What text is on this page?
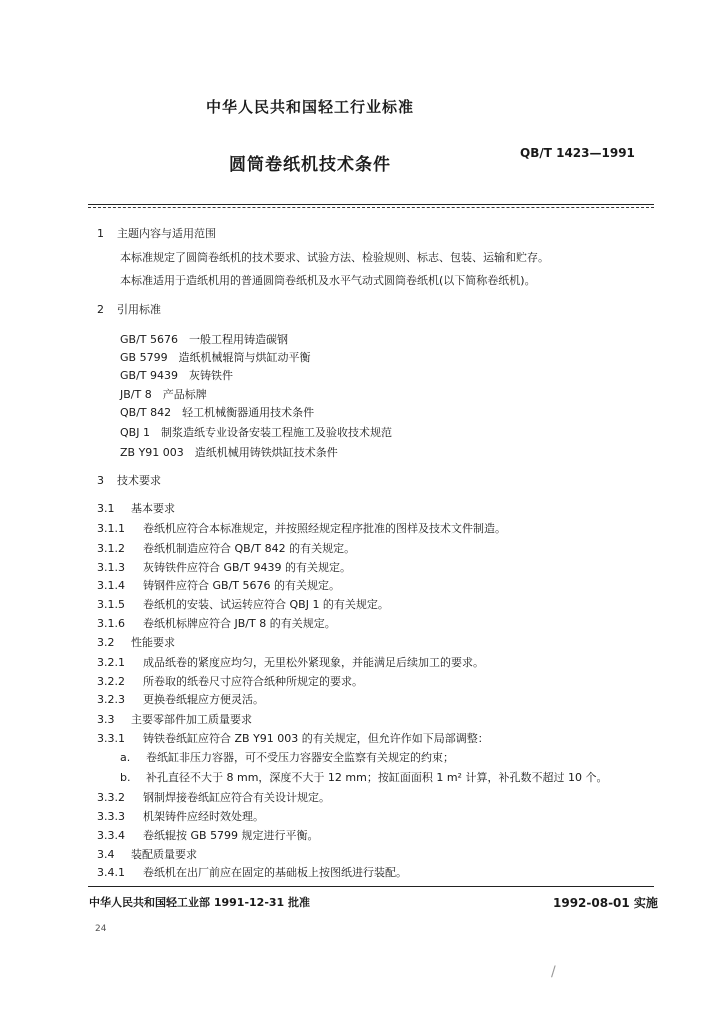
中华人民共和国轻工行业标准
圆筒卷纸机技术条件
QB/T 1423—1991
1 主题内容与适用范围
本标准规定了圆筒卷纸机的技术要求、试验方法、检验规则、标志、包装、运输和贮存。
本标准适用于造纸机用的普通圆筒卷纸机及水平气动式圆筒卷纸机(以下简称卷纸机)。
2 引用标准
GB/T 5676　一般工程用铸造碳钢
GB 5799　造纸机械辊筒与烘缸动平衡
GB/T 9439　灰铸铁件
JB/T 8　产品标牌
QB/T 842　轻工机械衡器通用技术条件
QBJ 1　制浆造纸专业设备安装工程施工及验收技术规范
ZB Y91 003　造纸机械用铸铁烘缸技术条件
3 技术要求
3.1 基本要求
3.1.1 卷纸机应符合本标准规定，并按照经规定程序批准的图样及技术文件制造。
3.1.2 卷纸机制造应符合 QB/T 842 的有关规定。
3.1.3 灰铸铁件应符合 GB/T 9439 的有关规定。
3.1.4 铸钢件应符合 GB/T 5676 的有关规定。
3.1.5 卷纸机的安装、试运转应符合 QBJ 1 的有关规定。
3.1.6 卷纸机标牌应符合 JB/T 8 的有关规定。
3.2 性能要求
3.2.1 成品纸卷的紧度应均匀，无里松外紧现象，并能满足后续加工的要求。
3.2.2 所卷取的纸卷尺寸应符合纸种所规定的要求。
3.2.3 更换卷纸辊应方便灵活。
3.3 主要零部件加工质量要求
3.3.1 铸铁卷纸缸应符合 ZB Y91 003 的有关规定，但允许作如下局部调整：
a. 卷纸缸非压力容器，可不受压力容器安全监察有关规定的约束；
b. 补孔直径不大于 8 mm，深度不大于 12 mm；按缸面面积 1 m² 计算，补孔数不超过 10 个。
3.3.2 钢制焊接卷纸缸应符合有关设计规定。
3.3.3 机架铸件应经时效处理。
3.3.4 卷纸辊按 GB 5799 规定进行平衡。
3.4 装配质量要求
3.4.1 卷纸机在出厂前应在固定的基础板上按图纸进行装配。
中华人民共和国轻工业部 1991-12-31 批准	1992-08-01 实施
24
/
